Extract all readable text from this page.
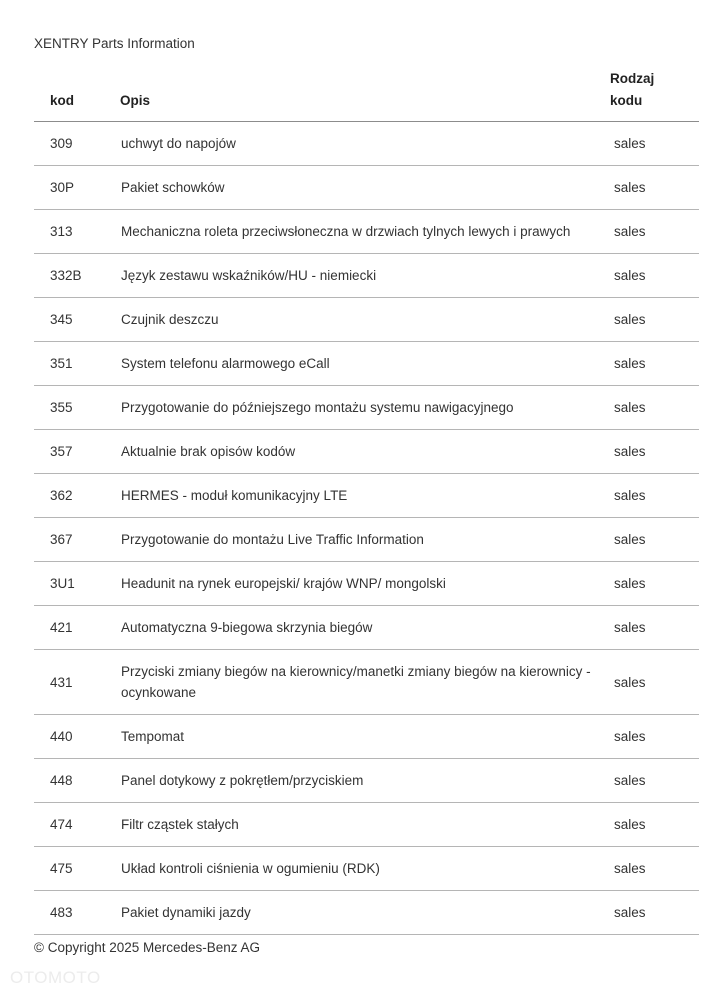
XENTRY Parts Information
kod	Opis	Rodzaj
kodu
309	uchwyt do napojów	sales
30P	Pakiet schowków	sales
313	Mechaniczna roleta przeciwsłoneczna w drzwiach tylnych lewych i prawych	sales
332B	Język zestawu wskaźników/HU - niemiecki	sales
345	Czujnik deszczu	sales
351	System telefonu alarmowego eCall	sales
355	Przygotowanie do późniejszego montażu systemu nawigacyjnego	sales
357	Aktualnie brak opisów kodów	sales
362	HERMES - moduł komunikacyjny LTE	sales
367	Przygotowanie do montażu Live Traffic Information	sales
3U1	Headunit na rynek europejski/ krajów WNP/ mongolski	sales
421	Automatyczna 9-biegowa skrzynia biegów	sales
431	Przyciski zmiany biegów na kierownicy/manetki zmiany biegów na kierownicy - ocynkowane	sales
440	Tempomat	sales
448	Panel dotykowy z pokrętłem/przyciskiem	sales
474	Filtr cząstek stałych	sales
475	Układ kontroli ciśnienia w ogumieniu (RDK)	sales
483	Pakiet dynamiki jazdy	sales
© Copyright 2025 Mercedes-Benz AG
OTOMOTO
